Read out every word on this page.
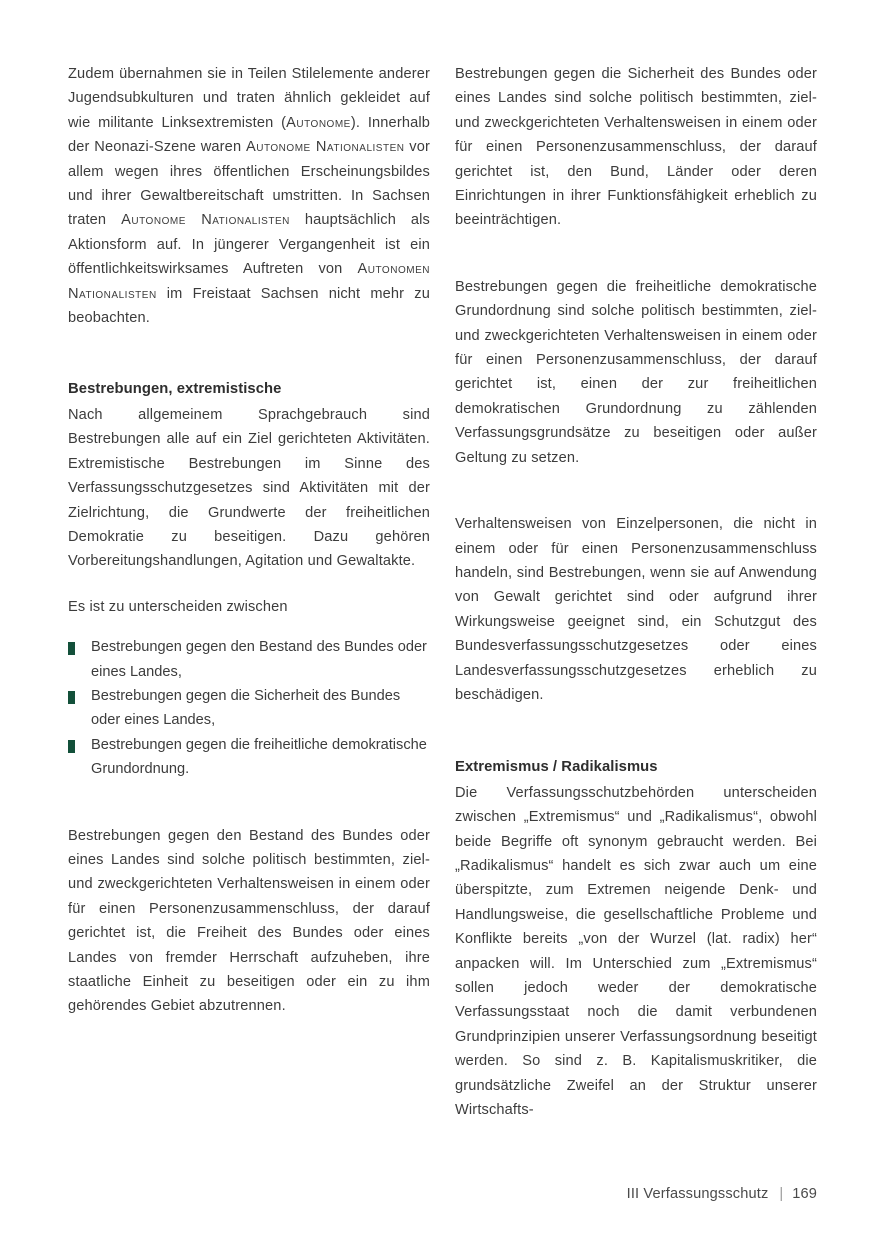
Zudem übernahmen sie in Teilen Stilelemente anderer Jugendsubkulturen und traten ähnlich gekleidet auf wie militante Linksextremisten (Autonome). Innerhalb der Neonazi-Szene waren Autonome Nationalisten vor allem wegen ihres öffentlichen Erscheinungsbildes und ihrer Gewaltbereitschaft umstritten. In Sachsen traten Autonome Nationalisten hauptsächlich als Aktionsform auf. In jüngerer Vergangenheit ist ein öffentlichkeitswirksames Auftreten von Autonomen Nationalisten im Freistaat Sachsen nicht mehr zu beobachten.

Bestrebungen, extremistische

Nach allgemeinem Sprachgebrauch sind Bestrebungen alle auf ein Ziel gerichteten Aktivitäten. Extremistische Bestrebungen im Sinne des Verfassungsschutzgesetzes sind Aktivitäten mit der Zielrichtung, die Grundwerte der freiheitlichen Demokratie zu beseitigen. Dazu gehören Vorbereitungshandlungen, Agitation und Gewaltakte.

Es ist zu unterscheiden zwischen

Bestrebungen gegen den Bestand des Bundes oder eines Landes,
Bestrebungen gegen die Sicherheit des Bundes oder eines Landes,
Bestrebungen gegen die freiheitliche demokratische Grundordnung.

Bestrebungen gegen den Bestand des Bundes oder eines Landes sind solche politisch bestimmten, ziel- und zweckgerichteten Verhaltensweisen in einem oder für einen Personenzusammenschluss, der darauf gerichtet ist, die Freiheit des Bundes oder eines Landes von fremder Herrschaft aufzuheben, ihre staatliche Einheit zu beseitigen oder ein zu ihm gehörendes Gebiet abzutrennen.

Bestrebungen gegen die Sicherheit des Bundes oder eines Landes sind solche politisch bestimmten, ziel- und zweckgerichteten Verhaltensweisen in einem oder für einen Personenzusammenschluss, der darauf gerichtet ist, den Bund, Länder oder deren Einrichtungen in ihrer Funktionsfähigkeit erheblich zu beeinträchtigen.

Bestrebungen gegen die freiheitliche demokratische Grundordnung sind solche politisch bestimmten, ziel- und zweckgerichteten Verhaltensweisen in einem oder für einen Personenzusammenschluss, der darauf gerichtet ist, einen der zur freiheitlichen demokratischen Grundordnung zu zählenden Verfassungsgrundsätze zu beseitigen oder außer Geltung zu setzen.

Verhaltensweisen von Einzelpersonen, die nicht in einem oder für einen Personenzusammenschluss handeln, sind Bestrebungen, wenn sie auf Anwendung von Gewalt gerichtet sind oder aufgrund ihrer Wirkungsweise geeignet sind, ein Schutzgut des Bundesverfassungsschutzgesetzes oder eines Landesverfassungsschutzgesetzes erheblich zu beschädigen.

Extremismus / Radikalismus

Die Verfassungsschutzbehörden unterscheiden zwischen „Extremismus“ und „Radikalismus“, obwohl beide Begriffe oft synonym gebraucht werden. Bei „Radikalismus“ handelt es sich zwar auch um eine überspitzte, zum Extremen neigende Denk- und Handlungsweise, die gesellschaftliche Probleme und Konflikte bereits „von der Wurzel (lat. radix) her“ anpacken will. Im Unterschied zum „Extremismus“ sollen jedoch weder der demokratische Verfassungsstaat noch die damit verbundenen Grundprinzipien unserer Verfassungsordnung beseitigt werden. So sind z. B. Kapitalismuskritiker, die grundsätzliche Zweifel an der Struktur unserer Wirtschafts-

III Verfassungsschutz | 169
